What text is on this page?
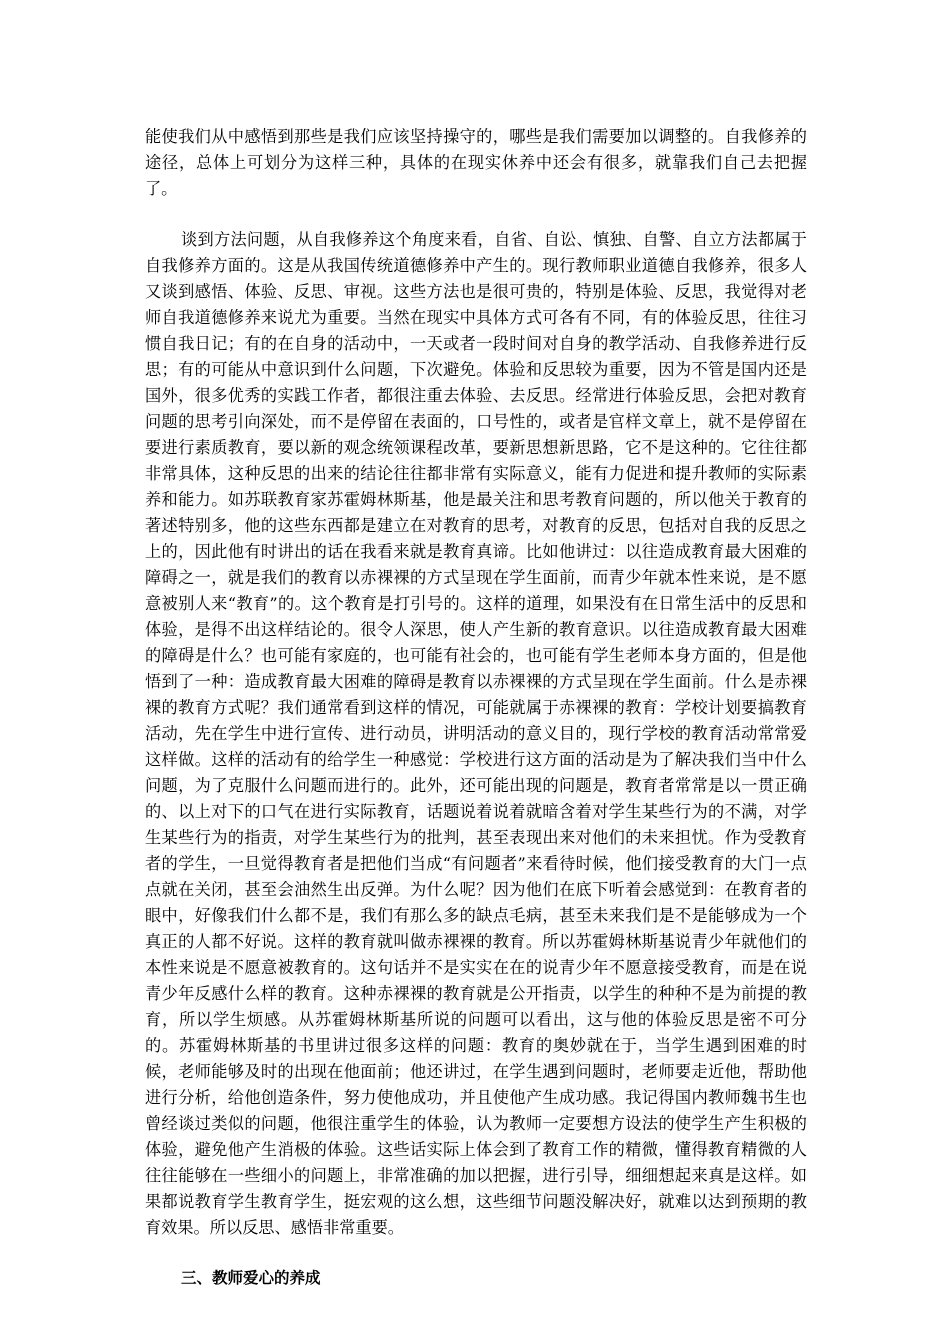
能使我们从中感悟到那些是我们应该坚持操守的，哪些是我们需要加以调整的。自我修养的途径，总体上可划分为这样三种，具体的在现实休养中还会有很多，就靠我们自己去把握了。

谈到方法问题，从自我修养这个角度来看，自省、自讼、慎独、自警、自立方法都属于自我修养方面的。这是从我国传统道德修养中产生的。现行教师职业道德自我修养，很多人又谈到感悟、体验、反思、审视。这些方法也是很可贵的，特别是体验、反思，我觉得对老师自我道德修养来说尤为重要。当然在现实中具体方式可各有不同，有的体验反思，往往习惯自我日记；有的在自身的活动中，一天或者一段时间对自身的教学活动、自我修养进行反思；有的可能从中意识到什么问题，下次避免。体验和反思较为重要，因为不管是国内还是国外，很多优秀的实践工作者，都很注重去体验、去反思。经常进行体验反思，会把对教育问题的思考引向深处，而不是停留在表面的，口号性的，或者是官样文章上，就不是停留在要进行素质教育，要以新的观念统领课程改革，要新思想新思路，它不是这种的。它往往都非常具体，这种反思的出来的结论往往都非常有实际意义，能有力促进和提升教师的实际素养和能力。如苏联教育家苏霍姆林斯基，他是最关注和思考教育问题的，所以他关于教育的著述特别多，他的这些东西都是建立在对教育的思考，对教育的反思，包括对自我的反思之上的，因此他有时讲出的话在我看来就是教育真谛。比如他讲过：以往造成教育最大困难的障碍之一，就是我们的教育以赤裸裸的方式呈现在学生面前，而青少年就本性来说，是不愿意被别人来“教育”的。这个教育是打引号的。这样的道理，如果没有在日常生活中的反思和体验，是得不出这样结论的。很令人深思，使人产生新的教育意识。以往造成教育最大困难的障碍是什么？也可能有家庭的，也可能有社会的，也可能有学生老师本身方面的，但是他悟到了一种：造成教育最大困难的障碍是教育以赤裸裸的方式呈现在学生面前。什么是赤裸裸的教育方式呢？我们通常看到这样的情况，可能就属于赤裸裸的教育：学校计划要搞教育活动，先在学生中进行宣传、进行动员，讲明活动的意义目的，现行学校的教育活动常常爱这样做。这样的活动有的给学生一种感觉：学校进行这方面的活动是为了解决我们当中什么问题，为了克服什么问题而进行的。此外，还可能出现的问题是，教育者常常是以一贯正确的、以上对下的口气在进行实际教育，话题说着说着就暗含着对学生某些行为的不满，对学生某些行为的指责，对学生某些行为的批判，甚至表现出来对他们的未来担忧。作为受教育者的学生，一旦觉得教育者是把他们当成“有问题者”来看待时候，他们接受教育的大门一点点就在关闭，甚至会油然生出反弹。为什么呢？因为他们在底下听着会感觉到：在教育者的眼中，好像我们什么都不是，我们有那么多的缺点毛病，甚至未来我们是不是能够成为一个真正的人都不好说。这样的教育就叫做赤裸裸的教育。所以苏霍姆林斯基说青少年就他们的本性来说是不愿意被教育的。这句话并不是实实在在的说青少年不愿意接受教育，而是在说青少年反感什么样的教育。这种赤裸裸的教育就是公开指责，以学生的种种不是为前提的教育，所以学生烦感。从苏霍姆林斯基所说的问题可以看出，这与他的体验反思是密不可分的。苏霍姆林斯基的书里讲过很多这样的问题：教育的奥妙就在于，当学生遇到困难的时候，老师能够及时的出现在他面前；他还讲过，在学生遇到问题时，老师要走近他，帮助他进行分析，给他创造条件，努力使他成功，并且使他产生成功感。我记得国内教师魏书生也曾经谈过类似的问题，他很注重学生的体验，认为教师一定要想方设法的使学生产生积极的体验，避免他产生消极的体验。这些话实际上体会到了教育工作的精微，懂得教育精微的人往往能够在一些细小的问题上，非常准确的加以把握，进行引导，细细想起来真是这样。如果都说教育学生教育学生，挺宏观的这么想，这些细节问题没解决好，就难以达到预期的教育效果。所以反思、感悟非常重要。

三、教师爱心的养成
